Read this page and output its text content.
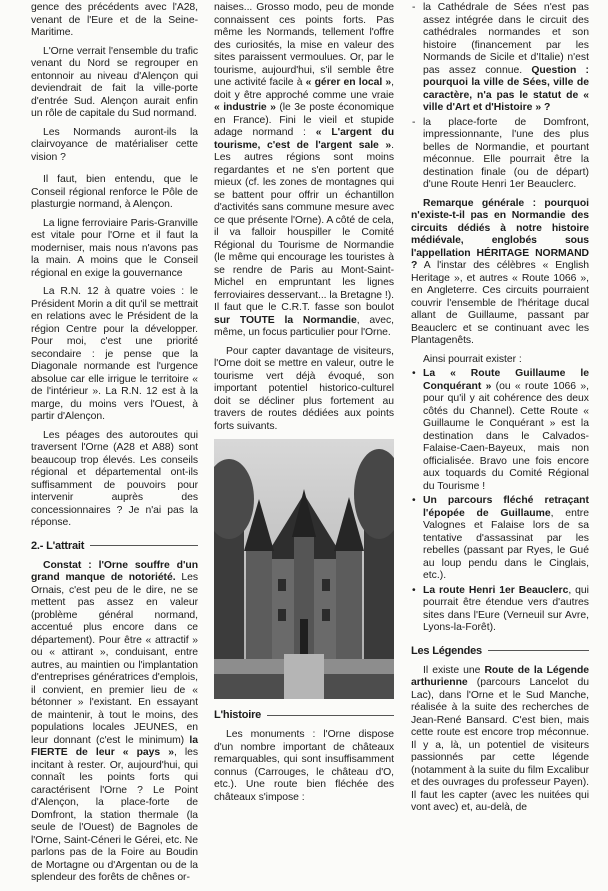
gence des précédents avec l'A28, venant de l'Eure et de la Seine-Maritime.

L'Orne verrait l'ensemble du trafic venant du Nord se regrouper en entonnoir au niveau d'Alençon qui deviendrait de fait la ville-porte d'entrée Sud. Alençon aurait enfin un rôle de capitale du Sud normand.

Les Normands auront-ils la clairvoyance de matérialiser cette vision ?

Il faut, bien entendu, que le Conseil régional renforce le Pôle de plasturgie normand, à Alençon.

La ligne ferroviaire Paris-Granville est vitale pour l'Orne et il faut la moderniser, mais nous n'avons pas la main. A moins que le Conseil régional en exige la gouvernance

La R.N. 12 à quatre voies : le Président Morin a dit qu'il se mettrait en relations avec le Président de la région Centre pour la développer. Pour moi, c'est une priorité secondaire : je pense que la Diagonale normande est l'urgence absolue car elle irrigue le territoire « de l'intérieur ». La R.N. 12 est à la marge, du moins vers l'Ouest, à partir d'Alençon.

Les péages des autoroutes qui traversent l'Orne (A28 et A88) sont beaucoup trop élevés. Les conseils régional et départemental ont-ils suffisamment de pouvoirs pour intervenir auprès des concessionnaires ? Je n'ai pas la réponse.

2.- L'attrait

Constat : l'Orne souffre d'un grand manque de notoriété. Les Ornais, c'est peu de le dire, ne se mettent pas assez en valeur (problème général normand, accentué plus encore dans ce département). Pour être « attractif » ou « attirant », conduisant, entre autres, au maintien ou l'implantation d'entreprises génératrices d'emplois, il convient, en premier lieu de « bétonner » l'existant. En essayant de maintenir, à tout le moins, des populations locales JEUNES, en leur donnant (c'est le minimum) la FIERTE de leur « pays », les incitant à rester. Or, aujourd'hui, qui connaît les points forts qui caractérisent l'Orne ? Le Point d'Alençon, la place-forte de Domfront, la station thermale (la seule de l'Ouest) de Bagnoles de l'Orne, Saint-Céneri le Gérei, etc. Ne parlons pas de la Foire au Boudin de Mortagne ou d'Argentan ou de la splendeur des forêts de chênes or-

naises... Grosso modo, peu de monde connaissent ces points forts. Pas même les Normands, tellement l'offre des curiosités, la mise en valeur des sites paraissent vermoulues. Or, par le tourisme, aujourd'hui, s'il semble être une activité facile à « gérer en local », doit y être approché comme une vraie « industrie » (le 3e poste économique en France). Fini le vieil et stupide adage normand : « L'argent du tourisme, c'est de l'argent sale ». Les autres régions sont moins regardantes et ne s'en portent que mieux (cf. les zones de montagnes qui se battent pour offrir un échantillon d'activités sans commune mesure avec ce que présente l'Orne). A côté de cela, il va falloir houspiller le Comité Régional du Tourisme de Normandie (le même qui encourage les touristes à se rendre de Paris au Mont-Saint-Michel en empruntant les lignes ferroviaires desservant... la Bretagne !). Il faut que le C.R.T. fasse son boulot sur TOUTE la Normandie, avec, même, un focus particulier pour l'Orne.

Pour capter davantage de visiteurs, l'Orne doit se mettre en valeur, outre le tourisme vert déjà évoqué, son important potentiel historico-culturel doit se décliner plus fortement au travers de routes dédiées aux points forts suivants.

L'histoire

Les monuments : l'Orne dispose d'un nombre important de châteaux remarquables, qui sont insuffisamment connus (Carrouges, le château d'O, etc.). Une route bien fléchée des châteaux s'impose :

- la Cathédrale de Sées n'est pas assez intégrée dans le circuit des cathédrales normandes et son histoire (financement par les Normands de Sicile et d'Italie) n'est pas assez connue. Question : pourquoi la ville de Sées, ville de caractère, n'a pas le statut de « ville d'Art et d'Histoire » ?
- la place-forte de Domfront, impressionnante, l'une des plus belles de Normandie, et pourtant méconnue. Elle pourrait être la destination finale (ou de départ) d'une Route Henri 1er Beauclerc.

Remarque générale : pourquoi n'existe-t-il pas en Normandie des circuits dédiés à notre histoire médiévale, englobés sous l'appellation HÉRITAGE NORMAND ? A l'instar des célèbres « English Heritage », et autres « Route 1066 », en Angleterre. Ces circuits pourraient couvrir l'ensemble de l'héritage ducal allant de Guillaume, passant par Beauclerc et se continuant avec les Plantagenêts.

Ainsi pourrait exister :

• La « Route Guillaume le Conquérant » (ou « route 1066 », pour qu'il y ait cohérence des deux côtés du Channel). Cette Route « Guillaume le Conquérant » est la destination dans le Calvados-Falaise-Caen-Bayeux, mais non officialisée. Bravo une fois encore aux toquards du Comité Régional du Tourisme !
• Un parcours fléché retraçant l'épopée de Guillaume, entre Valognes et Falaise lors de sa tentative d'assassinat par les rebelles (passant par Ryes, le Gué au loup pendu dans le Cinglais, etc.).
• La route Henri 1er Beauclerc, qui pourrait être étendue vers d'autres sites dans l'Eure (Verneuil sur Avre, Lyons-la-Forêt).
Les Légendes

Il existe une Route de la Légende arthurienne (parcours Lancelot du Lac), dans l'Orne et le Sud Manche, réalisée à la suite des recherches de Jean-René Bansard. C'est bien, mais cette route est encore trop méconnue. Il y a, là, un potentiel de visiteurs passionnés par cette légende (notamment à la suite du film Excalibur et des ouvrages du professeur Payen). Il faut les capter (avec les nuitées qui vont avec) et, au-delà, de
